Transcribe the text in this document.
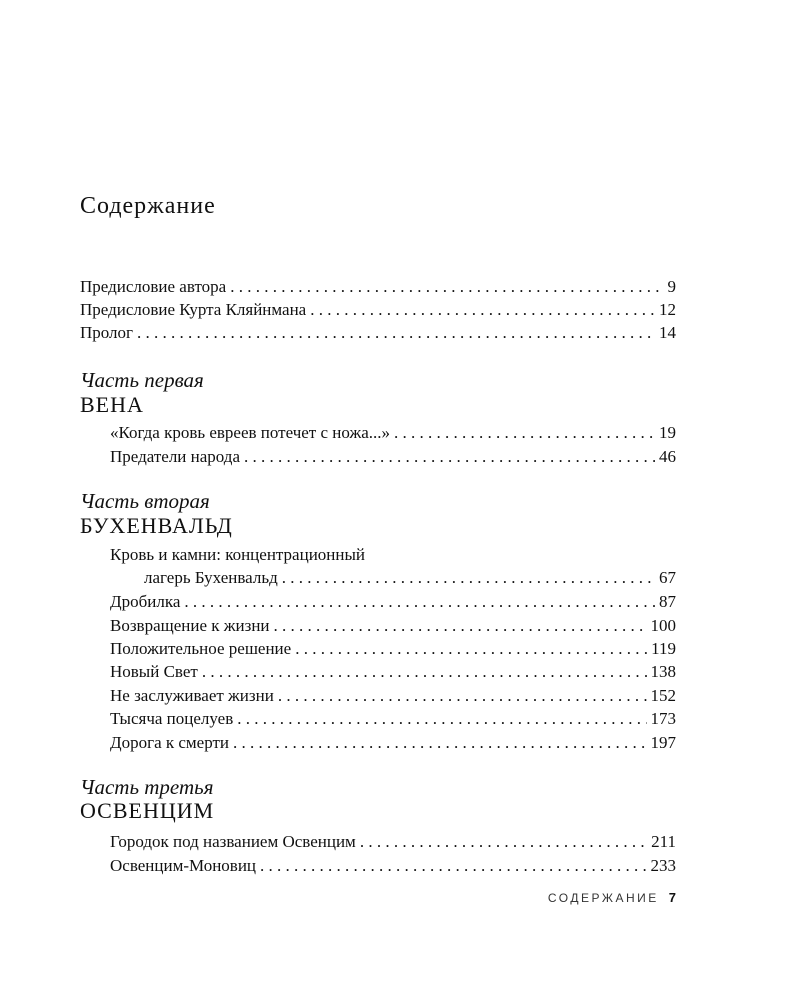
Содержание
Предисловие автора . . .	9
Предисловие Курта Кляйнмана . . .	12
Пролог . . .	14
Часть первая
ВЕНА
«Когда кровь евреев потечет с ножа...» . . .	19
Предатели народа . . .	46
Часть вторая
БУХЕНВАЛЬД
Кровь и камни: концентрационный
лагерь Бухенвальд . . .	67
Дробилка . . .	87
Возвращение к жизни . . .	100
Положительное решение . . .	119
Новый Свет . . .	138
Не заслуживает жизни . . .	152
Тысяча поцелуев . . .	173
Дорога к смерти . . .	197
Часть третья
ОСВЕНЦИМ
Городок под названием Освенцим . . .	211
Освенцим-Моновиц . . .	233
СОДЕРЖАНИЕ 7
